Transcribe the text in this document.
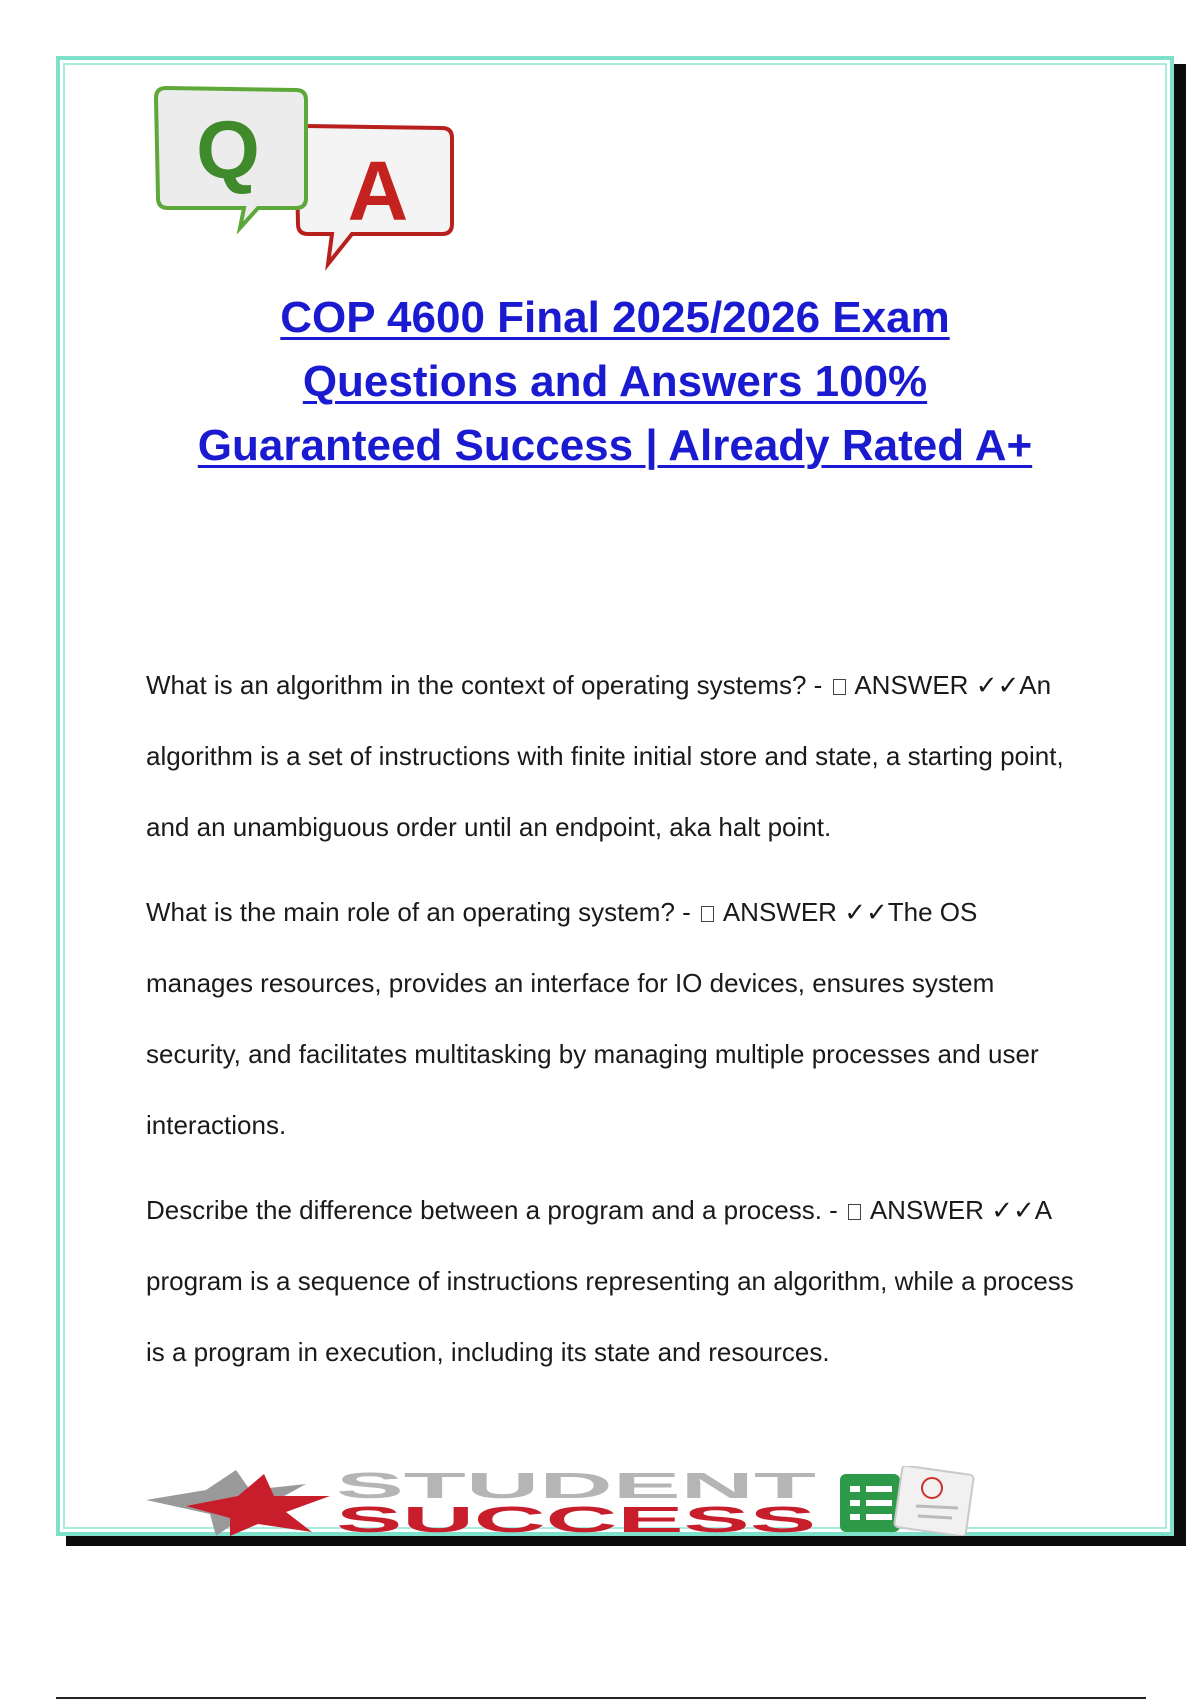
A
Q
COP 4600 Final 2025/2026 Exam
Questions and Answers 100%
Guaranteed Success | Already Rated A+

What is an algorithm in the context of operating systems? -  ANSWER ✓✓An algorithm is a set of instructions with finite initial store and state, a starting point, and an unambiguous order until an endpoint, aka halt point.

What is the main role of an operating system? -  ANSWER ✓✓The OS manages resources, provides an interface for IO devices, ensures system security, and facilitates multitasking by managing multiple processes and user interactions.

Describe the difference between a program and a process. -  ANSWER ✓✓A program is a sequence of instructions representing an algorithm, while a process is a program in execution, including its state and resources.

STUDENT
SUCCESS
